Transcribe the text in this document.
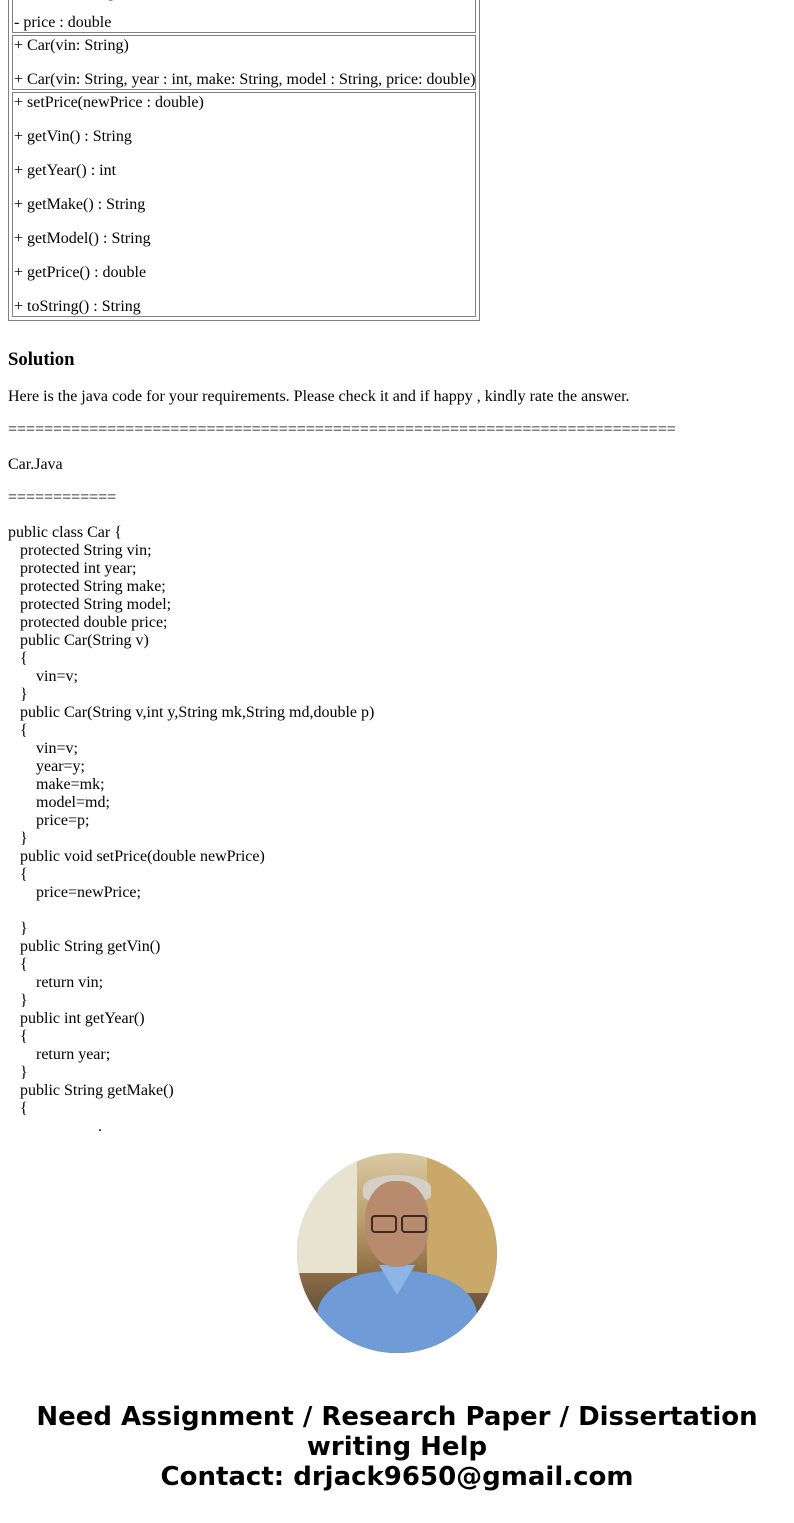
- price : double

+ Car(vin: String)
+ Car(vin: String, year : int, make: String, model : String, price: double)

+ setPrice(newPrice : double)
+ getVin() : String
+ getYear() : int
+ getMake() : String
+ getModel() : String
+ getPrice() : double
+ toString() : String
Solution

Here is the java code for your requirements. Please check it and if happy , kindly rate the answer.

==========================================================================

Car.Java

============

public class Car {
protected String vin;
protected int year;
protected String make;
protected String model;
protected double price;
public Car(String v)
{
vin=v;
}
public Car(String v,int y,String mk,String md,double p)
{
vin=v;
year=y;
make=mk;
model=md;
price=p;
}
public void setPrice(double newPrice)
{
price=newPrice;
}
public String getVin()
{
return vin;
}
public int getYear()
{
return year;
}
public String getMake()
{
.

Need Assignment / Research Paper / Dissertation
writing Help
Contact: drjack9650@gmail.com
